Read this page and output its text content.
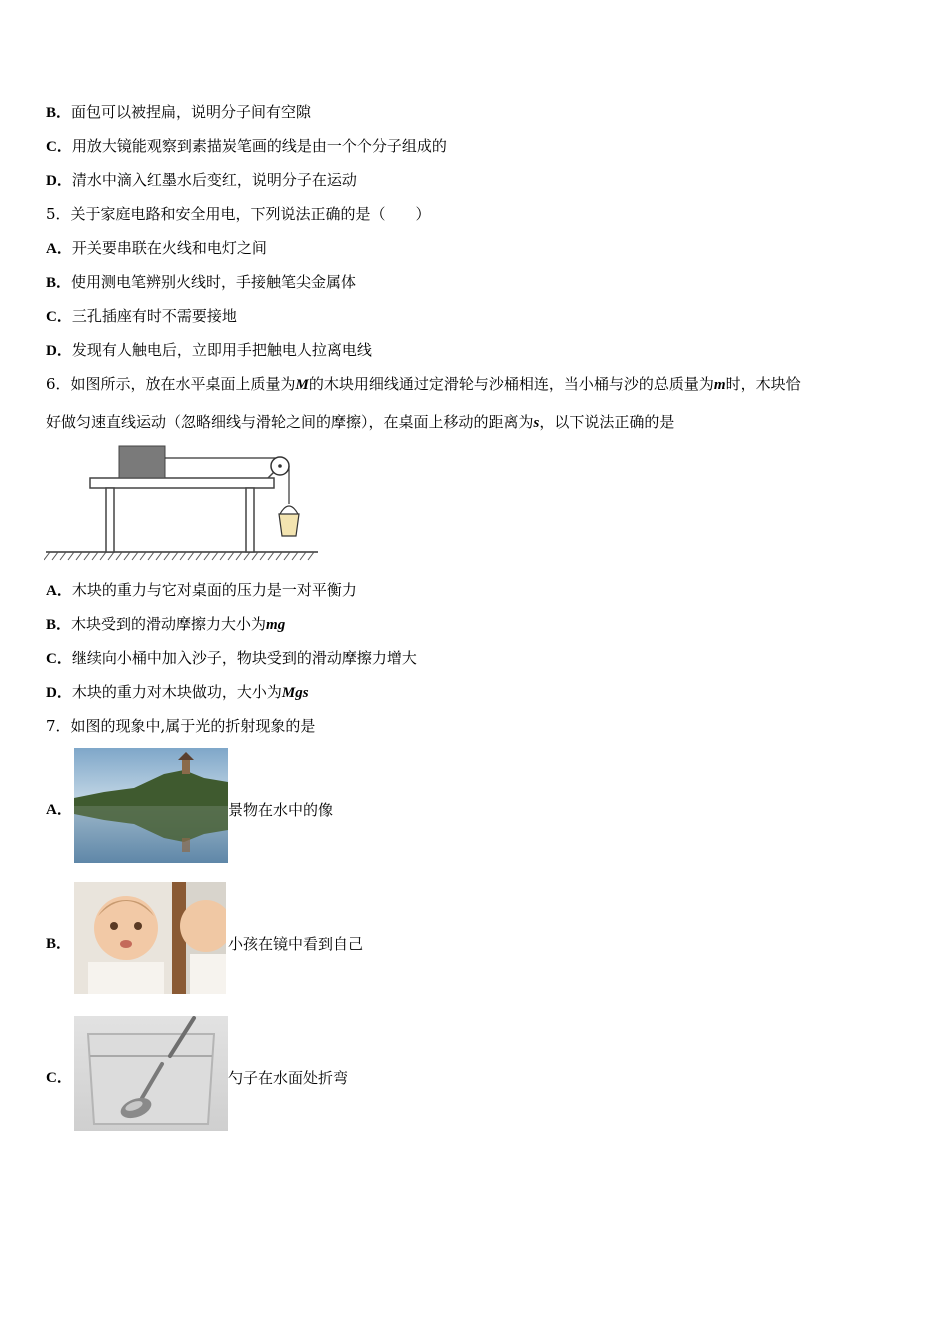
B．面包可以被捏扁，说明分子间有空隙
C．用放大镜能观察到素描炭笔画的线是由一个个分子组成的
D．清水中滴入红墨水后变红，说明分子在运动
5．关于家庭电路和安全用电，下列说法正确的是（　　）
A．开关要串联在火线和电灯之间
B．使用测电笔辨别火线时，手接触笔尖金属体
C．三孔插座有时不需要接地
D．发现有人触电后，立即用手把触电人拉离电线
6．如图所示，放在水平桌面上质量为M的木块用细线通过定滑轮与沙桶相连，当小桶与沙的总质量为m时，木块恰
好做匀速直线运动（忽略细线与滑轮之间的摩擦），在桌面上移动的距离为s，以下说法正确的是
A．木块的重力与它对桌面的压力是一对平衡力
B．木块受到的滑动摩擦力大小为mg
C．继续向小桶中加入沙子，物块受到的滑动摩擦力增大
D．木块的重力对木块做功，大小为Mgs
7．如图的现象中,属于光的折射现象的是
A．	景物在水中的像
B．	小孩在镜中看到自己
C．	勺子在水面处折弯
